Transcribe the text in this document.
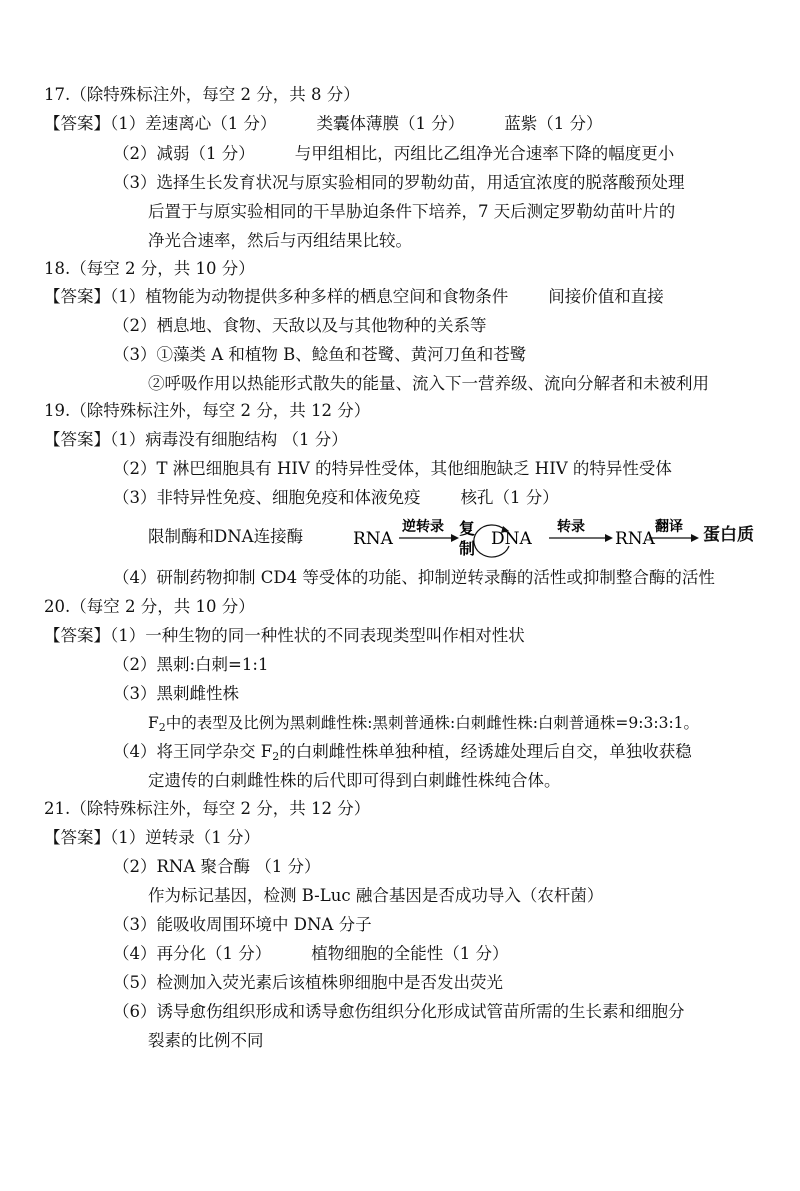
17.（除特殊标注外，每空 2 分，共 8 分）
【答案】（1）差速离心（1 分） 类囊体薄膜（1 分） 蓝紫（1 分）
（2）减弱（1 分） 与甲组相比，丙组比乙组净光合速率下降的幅度更小
（3）选择生长发育状况与原实验相同的罗勒幼苗，用适宜浓度的脱落酸预处理
后置于与原实验相同的干旱胁迫条件下培养，7 天后测定罗勒幼苗叶片的
净光合速率，然后与丙组结果比较。
18.（每空 2 分，共 10 分）
【答案】（1）植物能为动物提供多种多样的栖息空间和食物条件 间接价值和直接
（2）栖息地、食物、天敌以及与其他物种的关系等
（3）①藻类 A 和植物 B、鲶鱼和苍鹭、黄河刀鱼和苍鹭
②呼吸作用以热能形式散失的能量、流入下一营养级、流向分解者和未被利用
19.（除特殊标注外，每空 2 分，共 12 分）
【答案】（1）病毒没有细胞结构 （1 分）
（2）T 淋巴细胞具有 HIV 的特异性受体，其他细胞缺乏 HIV 的特异性受体
（3）非特异性免疫、细胞免疫和体液免疫 核孔（1 分）
限制酶和DNA连接酶	RNA
逆转录 复
制 DNA
转录
RNA
翻译 蛋白质
（4）研制药物抑制 CD4 等受体的功能、抑制逆转录酶的活性或抑制整合酶的活性
20.（每空 2 分，共 10 分）
【答案】（1）一种生物的同一种性状的不同表现类型叫作相对性状
（2）黑刺:白刺=1:1
（3）黑刺雌性株
$F_2$中的表型及比例为黑刺雌性株:黑刺普通株:白刺雌性株:白刺普通株=9:3:3:1。
（4）将王同学杂交 $F_2$的白刺雌性株单独种植，经诱雄处理后自交，单独收获稳
定遗传的白刺雌性株的后代即可得到白刺雌性株纯合体。
21.（除特殊标注外，每空 2 分，共 12 分）
【答案】（1）逆转录（1 分）
（2）RNA 聚合酶 （1 分）
作为标记基因，检测 B-Luc 融合基因是否成功导入（农杆菌）
（3）能吸收周围环境中 DNA 分子
（4）再分化（1 分） 植物细胞的全能性（1 分）
（5）检测加入荧光素后该植株卵细胞中是否发出荧光
（6）诱导愈伤组织形成和诱导愈伤组织分化形成试管苗所需的生长素和细胞分
裂素的比例不同
